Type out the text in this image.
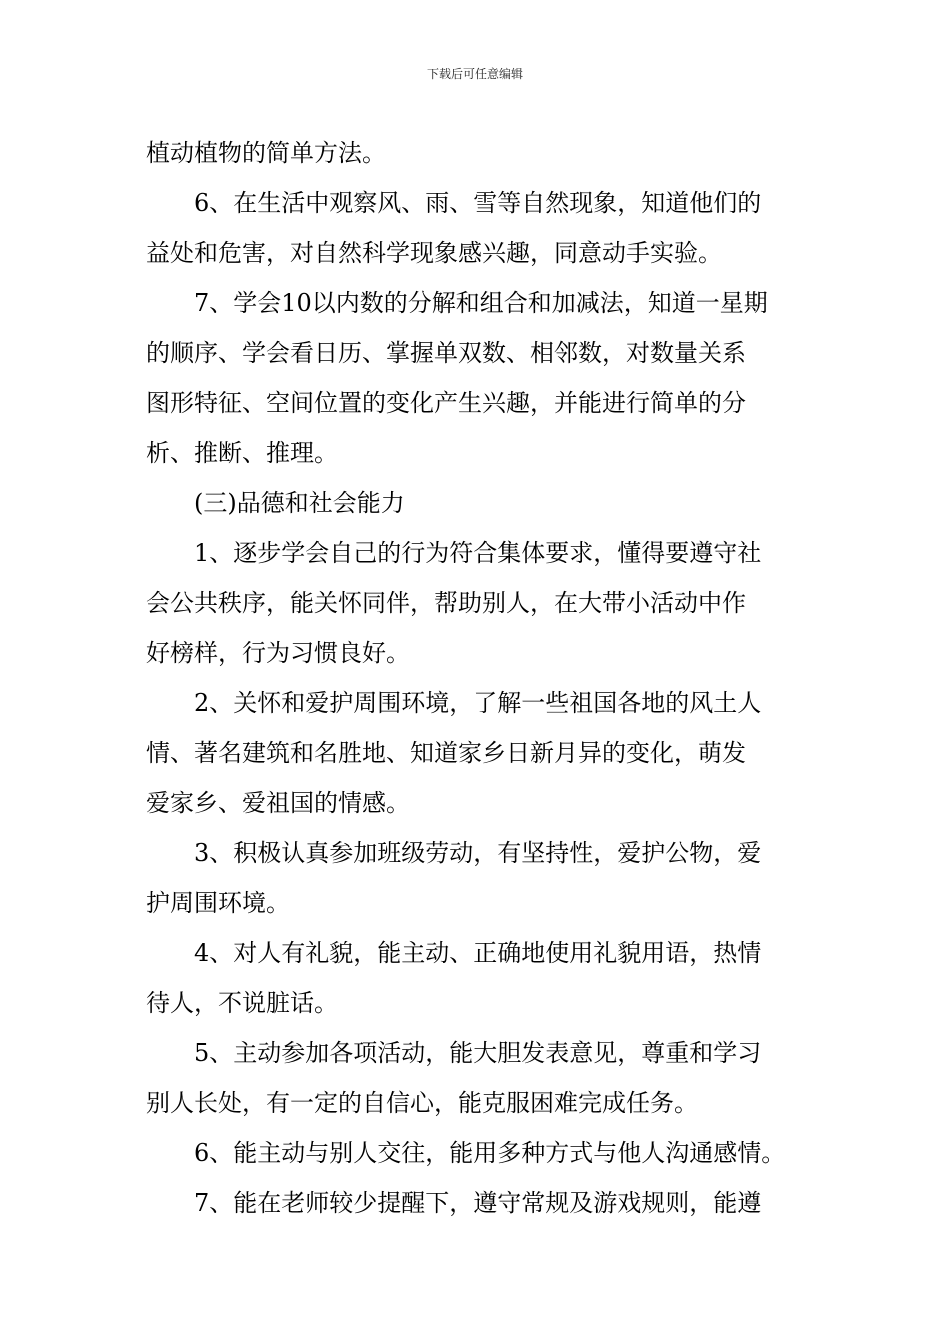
下载后可任意编辑
植动植物的简单方法。
6、在生活中观察风、雨、雪等自然现象，知道他们的
益处和危害，对自然科学现象感兴趣，同意动手实验。
7、学会10以内数的分解和组合和加减法，知道一星期
的顺序、学会看日历、掌握单双数、相邻数，对数量关系
图形特征、空间位置的变化产生兴趣，并能进行简单的分
析、推断、推理。
(三)品德和社会能力
1、逐步学会自己的行为符合集体要求，懂得要遵守社
会公共秩序，能关怀同伴，帮助别人，在大带小活动中作
好榜样，行为习惯良好。
2、关怀和爱护周围环境，了解一些祖国各地的风土人
情、著名建筑和名胜地、知道家乡日新月异的变化，萌发
爱家乡、爱祖国的情感。
3、积极认真参加班级劳动，有坚持性，爱护公物，爱
护周围环境。
4、对人有礼貌，能主动、正确地使用礼貌用语，热情
待人，不说脏话。
5、主动参加各项活动，能大胆发表意见，尊重和学习
别人长处，有一定的自信心，能克服困难完成任务。
6、能主动与别人交往，能用多种方式与他人沟通感情。
7、能在老师较少提醒下，遵守常规及游戏规则，能遵
